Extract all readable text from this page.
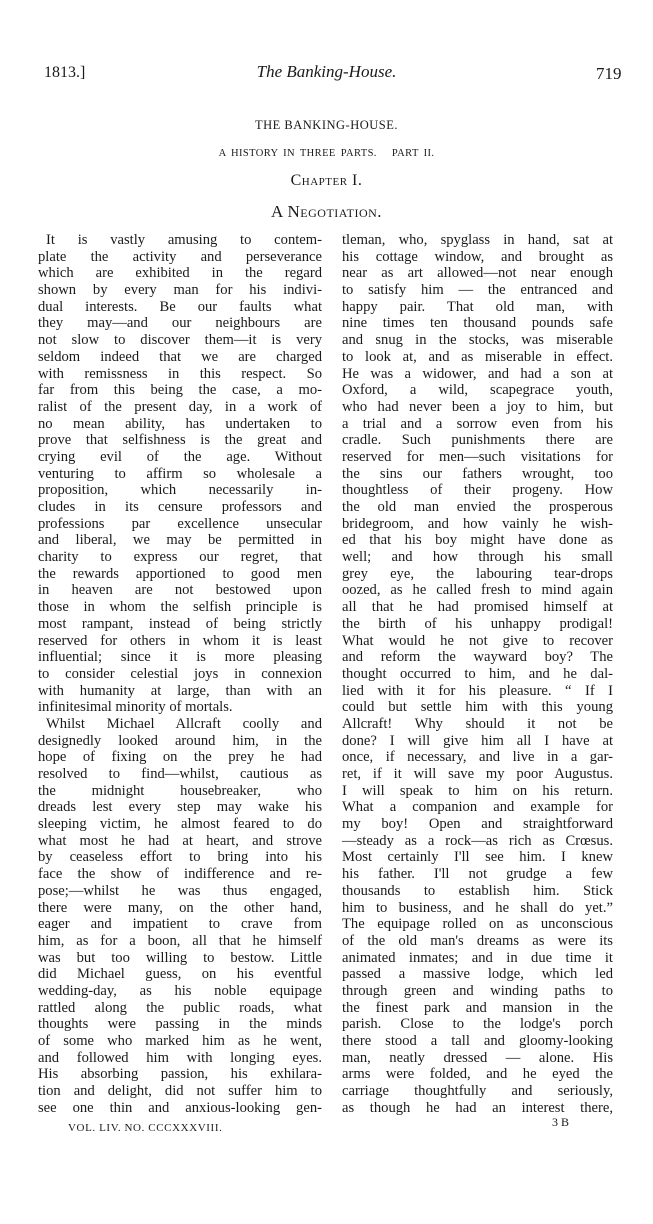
1813.]	The Banking-House.	719
THE BANKING-HOUSE.
A HISTORY IN THREE PARTS.   PART II.
Chapter I.
A Negotiation.
It is vastly amusing to contem-
plate the activity and perseverance
which are exhibited in the regard
shown by every man for his indivi-
dual interests. Be our faults what
they may—and our neighbours are
not slow to discover them—it is very
seldom indeed that we are charged
with remissness in this respect. So
far from this being the case, a mo-
ralist of the present day, in a work of
no mean ability, has undertaken to
prove that selfishness is the great and
crying evil of the age. Without
venturing to affirm so wholesale a
proposition, which necessarily in-
cludes in its censure professors and
professions par excellence unsecular
and liberal, we may be permitted in
charity to express our regret, that
the rewards apportioned to good men
in heaven are not bestowed upon
those in whom the selfish principle is
most rampant, instead of being strictly
reserved for others in whom it is least
influential; since it is more pleasing
to consider celestial joys in connexion
with humanity at large, than with an
infinitesimal minority of mortals.
Whilst Michael Allcraft coolly and
designedly looked around him, in the
hope of fixing on the prey he had
resolved to find—whilst, cautious as
the midnight housebreaker, who
dreads lest every step may wake his
sleeping victim, he almost feared to do
what most he had at heart, and strove
by ceaseless effort to bring into his
face the show of indifference and re-
pose;—whilst he was thus engaged,
there were many, on the other hand,
eager and impatient to crave from
him, as for a boon, all that he himself
was but too willing to bestow. Little
did Michael guess, on his eventful
wedding-day, as his noble equipage
rattled along the public roads, what
thoughts were passing in the minds
of some who marked him as he went,
and followed him with longing eyes.
His absorbing passion, his exhilara-
tion and delight, did not suffer him to
see one thin and anxious-looking gen-
tleman, who, spyglass in hand, sat at
his cottage window, and brought as
near as art allowed—not near enough
to satisfy him — the entranced and
happy pair. That old man, with
nine times ten thousand pounds safe
and snug in the stocks, was miserable
to look at, and as miserable in effect.
He was a widower, and had a son at
Oxford, a wild, scapegrace youth,
who had never been a joy to him, but
a trial and a sorrow even from his
cradle. Such punishments there are
reserved for men—such visitations for
the sins our fathers wrought, too
thoughtless of their progeny. How
the old man envied the prosperous
bridegroom, and how vainly he wish-
ed that his boy might have done as
well; and how through his small
grey eye, the labouring tear-drops
oozed, as he called fresh to mind again
all that he had promised himself at
the birth of his unhappy prodigal!
What would he not give to recover
and reform the wayward boy? The
thought occurred to him, and he dal-
lied with it for his pleasure. “ If I
could but settle him with this young
Allcraft! Why should it not be
done? I will give him all I have at
once, if necessary, and live in a gar-
ret, if it will save my poor Augustus.
I will speak to him on his return.
What a companion and example for
my boy! Open and straightforward
—steady as a rock—as rich as Crœsus.
Most certainly I'll see him. I knew
his father. I'll not grudge a few
thousands to establish him. Stick
him to business, and he shall do yet.”
The equipage rolled on as unconscious
of the old man's dreams as were its
animated inmates; and in due time it
passed a massive lodge, which led
through green and winding paths to
the finest park and mansion in the
parish. Close to the lodge's porch
there stood a tall and gloomy-looking
man, neatly dressed — alone. His
arms were folded, and he eyed the
carriage thoughtfully and seriously,
as though he had an interest there,
VOL. LIV. NO. CCCXXXVIII.	3 B
